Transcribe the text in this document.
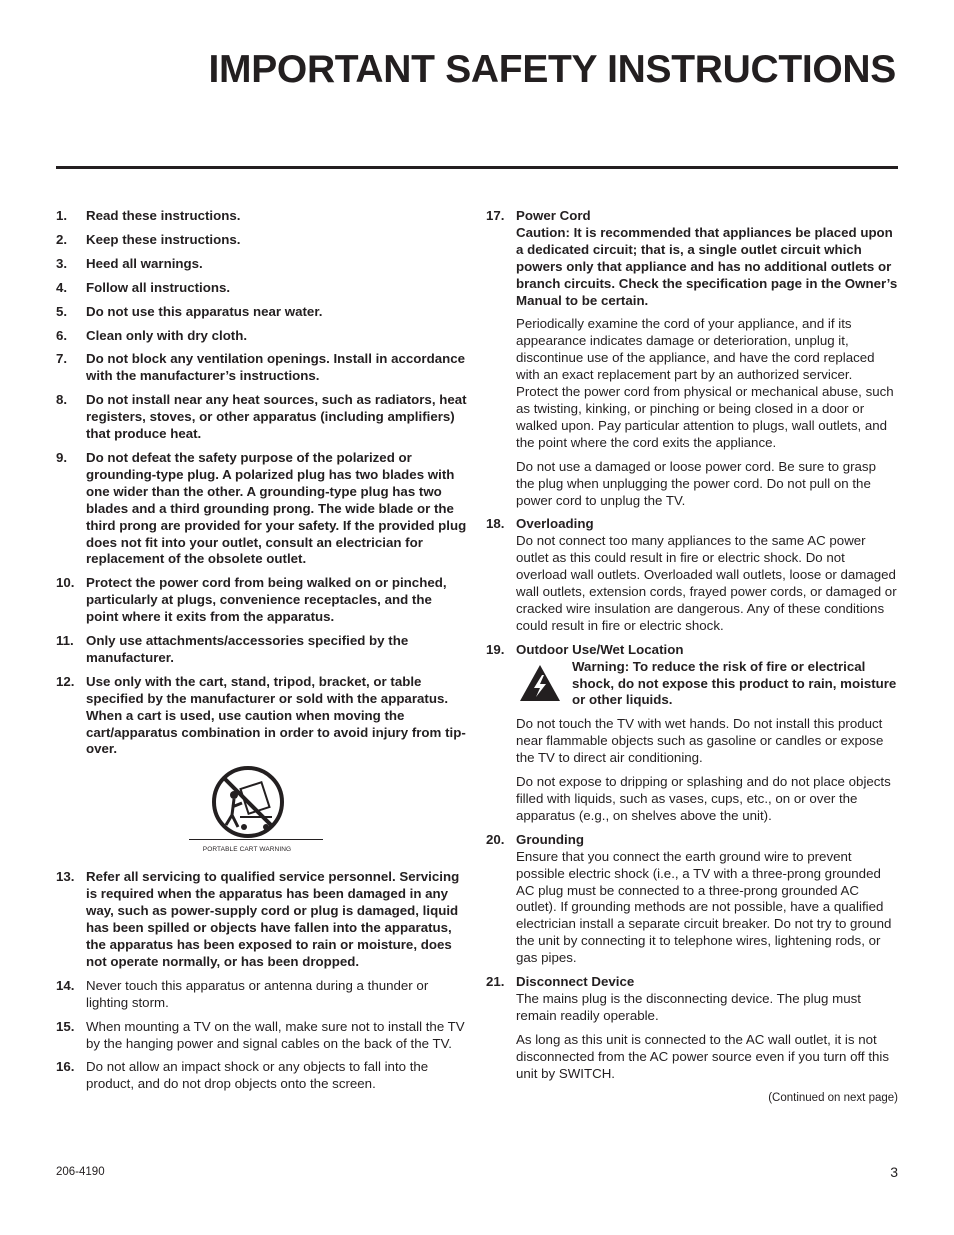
IMPORTANT SAFETY INSTRUCTIONS
1. Read these instructions.
2. Keep these instructions.
3. Heed all warnings.
4. Follow all instructions.
5. Do not use this apparatus near water.
6. Clean only with dry cloth.
7. Do not block any ventilation openings. Install in accordance with the manufacturer’s instructions.
8. Do not install near any heat sources, such as radiators, heat registers, stoves, or other apparatus (including amplifiers) that produce heat.
9. Do not defeat the safety purpose of the polarized or grounding-type plug. A polarized plug has two blades with one wider than the other. A grounding-type plug has two blades and a third grounding prong. The wide blade or the third prong are provided for your safety. If the provided plug does not fit into your outlet, consult an electrician for replacement of the obsolete outlet.
10. Protect the power cord from being walked on or pinched, particularly at plugs, convenience receptacles, and the point where it exits from the apparatus.
11. Only use attachments/accessories specified by the manufacturer.
12. Use only with the cart, stand, tripod, bracket, or table specified by the manufacturer or sold with the apparatus. When a cart is used, use caution when moving the cart/apparatus combination in order to avoid injury from tip-over.
PORTABLE CART WARNING
13. Refer all servicing to qualified service personnel. Servicing is required when the apparatus has been damaged in any way, such as power-supply cord or plug is damaged, liquid has been spilled or objects have fallen into the apparatus, the apparatus has been exposed to rain or moisture, does not operate normally, or has been dropped.
14. Never touch this apparatus or antenna during a thunder or lighting storm.
15. When mounting a TV on the wall, make sure not to install the TV by the hanging power and signal cables on the back of the TV.
16. Do not allow an impact shock or any objects to fall into the product, and do not drop objects onto the screen.
17. Power Cord

Caution: It is recommended that appliances be placed upon a dedicated circuit; that is, a single outlet circuit which powers only that appliance and has no additional outlets or branch circuits. Check the specification page in the Owner’s Manual to be certain.

Periodically examine the cord of your appliance, and if its appearance indicates damage or deterioration, unplug it, discontinue use of the appliance, and have the cord replaced with an exact replacement part by an authorized servicer. Protect the power cord from physical or mechanical abuse, such as twisting, kinking, or pinching or being closed in a door or walked upon. Pay particular attention to plugs, wall outlets, and the point where the cord exits the appliance.

Do not use a damaged or loose power cord. Be sure to grasp the plug when unplugging the power cord. Do not pull on the power cord to unplug the TV.

18. Overloading

Do not connect too many appliances to the same AC power outlet as this could result in fire or electric shock. Do not overload wall outlets. Overloaded wall outlets, loose or damaged wall outlets, extension cords, frayed power cords, or damaged or cracked wire insulation are dangerous. Any of these conditions could result in fire or electric shock.

19. Outdoor Use/Wet Location

Warning: To reduce the risk of fire or electrical shock, do not expose this product to rain, moisture or other liquids.

Do not touch the TV with wet hands. Do not install this product near flammable objects such as gasoline or candles or expose the TV to direct air conditioning.

Do not expose to dripping or splashing and do not place objects filled with liquids, such as vases, cups, etc., on or over the apparatus (e.g., on shelves above the unit).

20. Grounding

Ensure that you connect the earth ground wire to prevent possible electric shock (i.e., a TV with a three-prong grounded AC plug must be connected to a three-prong grounded AC outlet). If grounding methods are not possible, have a qualified electrician install a separate circuit breaker. Do not try to ground the unit by connecting it to telephone wires, lightening rods, or gas pipes.

21. Disconnect Device

The mains plug is the disconnecting device. The plug must remain readily operable.

As long as this unit is connected to the AC wall outlet, it is not disconnected from the AC power source even if you turn off this unit by SWITCH.

(Continued on next page)
206-4190	3
